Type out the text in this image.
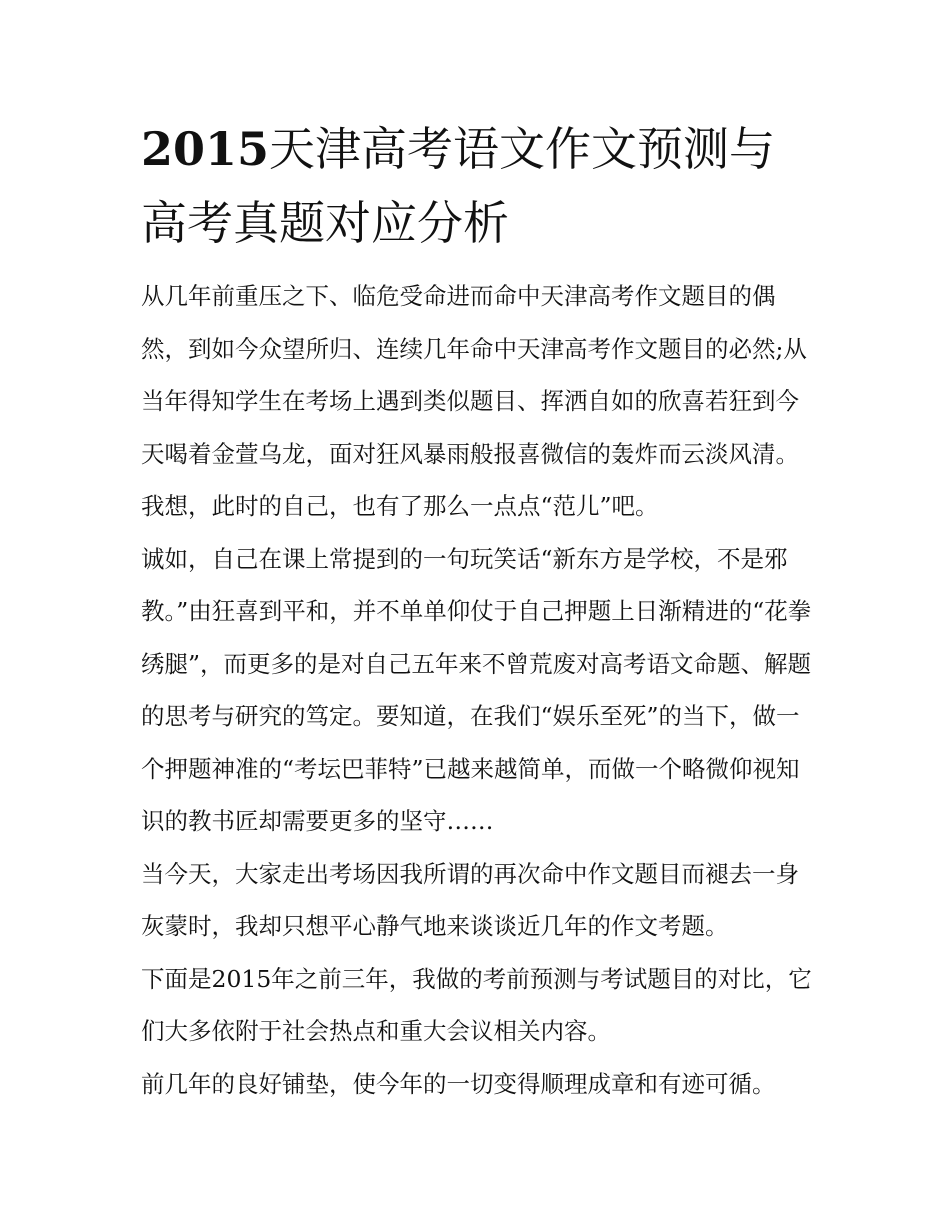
2015天津高考语文作文预测与高考真题对应分析

从几年前重压之下、临危受命进而命中天津高考作文题目的偶然，到如今众望所归、连续几年命中天津高考作文题目的必然;从当年得知学生在考场上遇到类似题目、挥洒自如的欣喜若狂到今天喝着金萱乌龙，面对狂风暴雨般报喜微信的轰炸而云淡风清。我想，此时的自己，也有了那么一点点“范儿”吧。

诚如，自己在课上常提到的一句玩笑话“新东方是学校，不是邪教。”由狂喜到平和，并不单单仰仗于自己押题上日渐精进的“花拳绣腿”，而更多的是对自己五年来不曾荒废对高考语文命题、解题的思考与研究的笃定。要知道，在我们“娱乐至死”的当下，做一个押题神准的“考坛巴菲特”已越来越简单，而做一个略微仰视知识的教书匠却需要更多的坚守……

当今天，大家走出考场因我所谓的再次命中作文题目而褪去一身灰蒙时，我却只想平心静气地来谈谈近几年的作文考题。

下面是2015年之前三年，我做的考前预测与考试题目的对比，它们大多依附于社会热点和重大会议相关内容。

前几年的良好铺垫，使今年的一切变得顺理成章和有迹可循。
